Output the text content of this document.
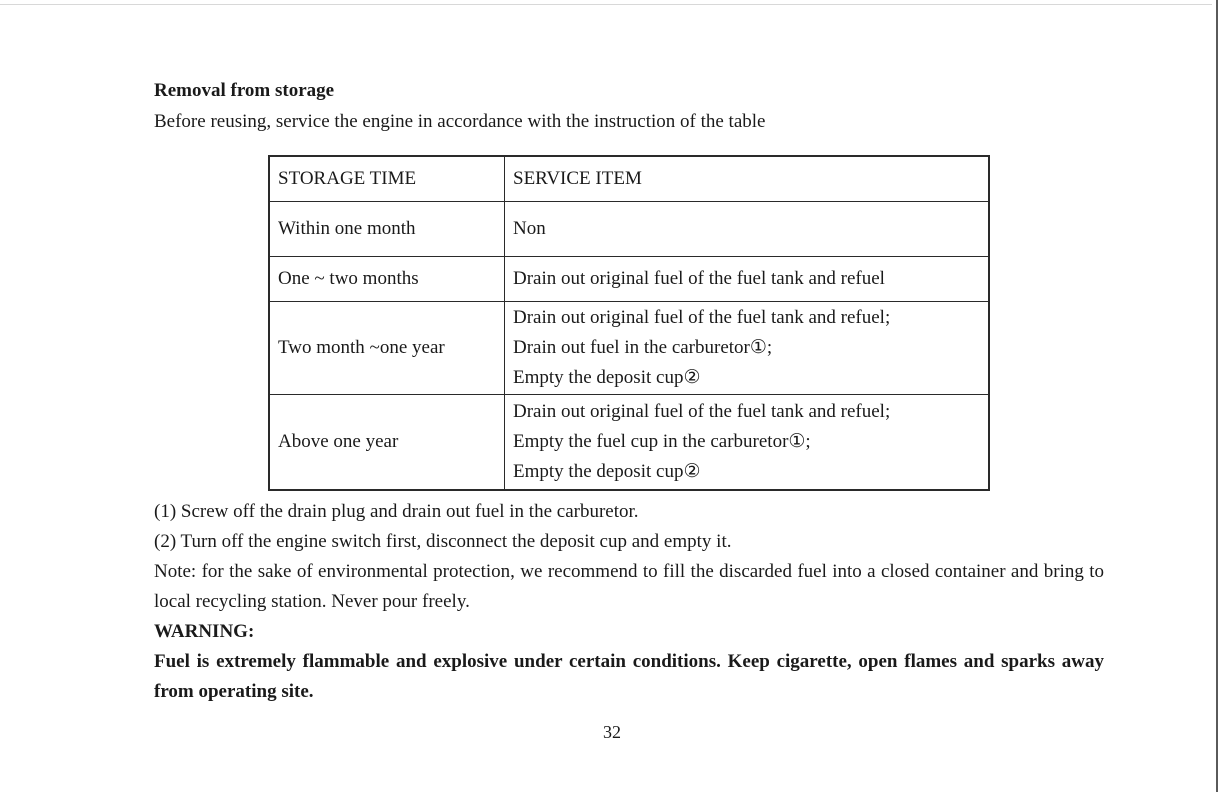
Removal from storage
Before reusing, service the engine in accordance with the instruction of the table
STORAGE TIME	SERVICE ITEM
Within one month	Non

One ~ two months	Drain out original fuel of the fuel tank and refuel

Two month ~one year	Drain out original fuel of the fuel tank and refuel;
Drain out fuel in the carburetor①;
Empty the deposit cup②

Above one year	Drain out original fuel of the fuel tank and refuel;
Empty the fuel cup in the carburetor①;
Empty the deposit cup②

(1) Screw off the drain plug and drain out fuel in the carburetor.

(2) Turn off the engine switch first, disconnect the deposit cup and empty it.

Note: for the sake of environmental protection, we recommend to fill the discarded fuel into a closed container and bring to local recycling station. Never pour freely.

WARNING:

Fuel is extremely flammable and explosive under certain conditions. Keep cigarette, open flames and sparks away from operating site.

32
